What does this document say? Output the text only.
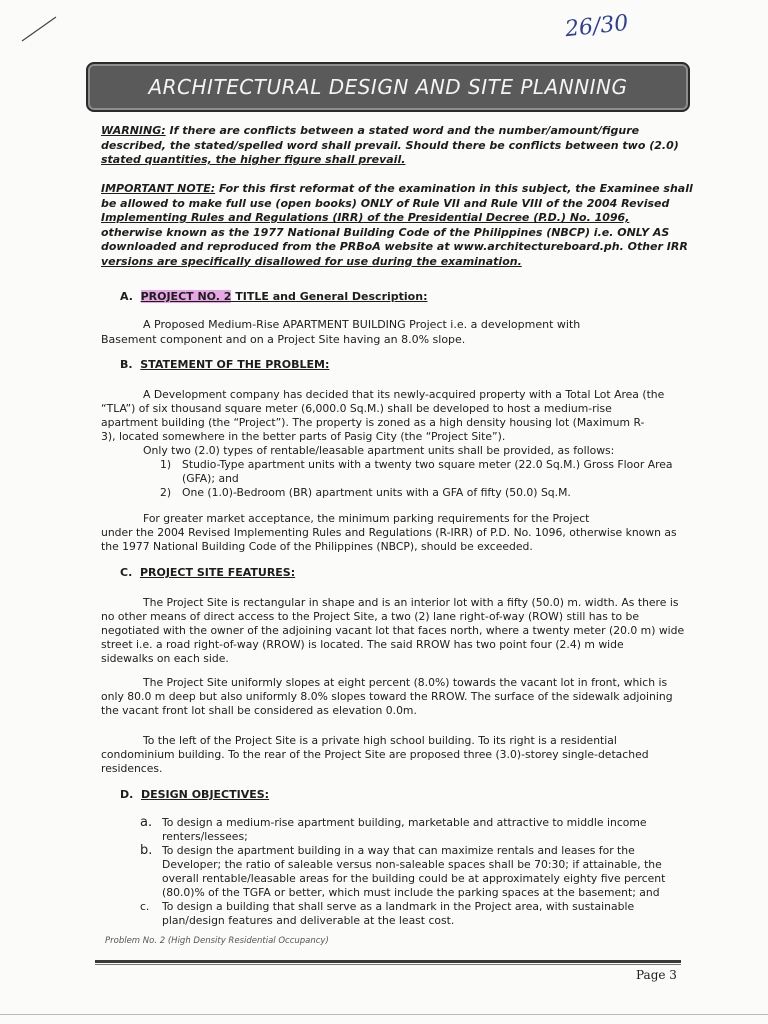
26/30
ARCHITECTURAL DESIGN AND SITE PLANNING
WARNING: If there are conflicts between a stated word and the number/amount/figure
described, the stated/spelled word shall prevail. Should there be conflicts between two (2.0)
stated quantities, the higher figure shall prevail.
IMPORTANT NOTE: For this first reformat of the examination in this subject, the Examinee shall
be allowed to make full use (open books) ONLY of Rule VII and Rule VIII of the 2004 Revised
Implementing Rules and Regulations (IRR) of the Presidential Decree (P.D.) No. 1096,
otherwise known as the 1977 National Building Code of the Philippines (NBCP) i.e. ONLY AS
downloaded and reproduced from the PRBoA website at www.architectureboard.ph. Other IRR
versions are specifically disallowed for use during the examination.
A. PROJECT NO. 2 TITLE and General Description:
A Proposed Medium-Rise APARTMENT BUILDING Project i.e. a development with
Basement component and on a Project Site having an 8.0% slope.
B. STATEMENT OF THE PROBLEM:
A Development company has decided that its newly-acquired property with a Total Lot Area (the
“TLA”) of six thousand square meter (6,000.0 Sq.M.) shall be developed to host a medium-rise
apartment building (the “Project”). The property is zoned as a high density housing lot (Maximum R-
3), located somewhere in the better parts of Pasig City (the “Project Site”).
Only two (2.0) types of rentable/leasable apartment units shall be provided, as follows:
1)	Studio-Type apartment units with a twenty two square meter (22.0 Sq.M.) Gross Floor Area
(GFA); and
2)	One (1.0)-Bedroom (BR) apartment units with a GFA of fifty (50.0) Sq.M.
For greater market acceptance, the minimum parking requirements for the Project
under the 2004 Revised Implementing Rules and Regulations (R-IRR) of P.D. No. 1096, otherwise known as
the 1977 National Building Code of the Philippines (NBCP), should be exceeded.
C. PROJECT SITE FEATURES:
The Project Site is rectangular in shape and is an interior lot with a fifty (50.0) m. width. As there is
no other means of direct access to the Project Site, a two (2) lane right-of-way (ROW) still has to be
negotiated with the owner of the adjoining vacant lot that faces north, where a twenty meter (20.0 m) wide
street i.e. a road right-of-way (RROW) is located. The said RROW has two point four (2.4) m wide
sidewalks on each side.
The Project Site uniformly slopes at eight percent (8.0%) towards the vacant lot in front, which is
only 80.0 m deep but also uniformly 8.0% slopes toward the RROW. The surface of the sidewalk adjoining
the vacant front lot shall be considered as elevation 0.0m.
To the left of the Project Site is a private high school building. To its right is a residential
condominium building. To the rear of the Project Site are proposed three (3.0)-storey single-detached
residences.
D. DESIGN OBJECTIVES:
a. To design a medium-rise apartment building, marketable and attractive to middle income
renters/lessees;
b. To design the apartment building in a way that can maximize rentals and leases for the
Developer; the ratio of saleable versus non-saleable spaces shall be 70:30; if attainable, the
overall rentable/leasable areas for the building could be at approximately eighty five percent
(80.0)% of the TGFA or better, which must include the parking spaces at the basement; and
c.	To design a building that shall serve as a landmark in the Project area, with sustainable
plan/design features and deliverable at the least cost.
Problem No. 2 (High Density Residential Occupancy)
Page 3
